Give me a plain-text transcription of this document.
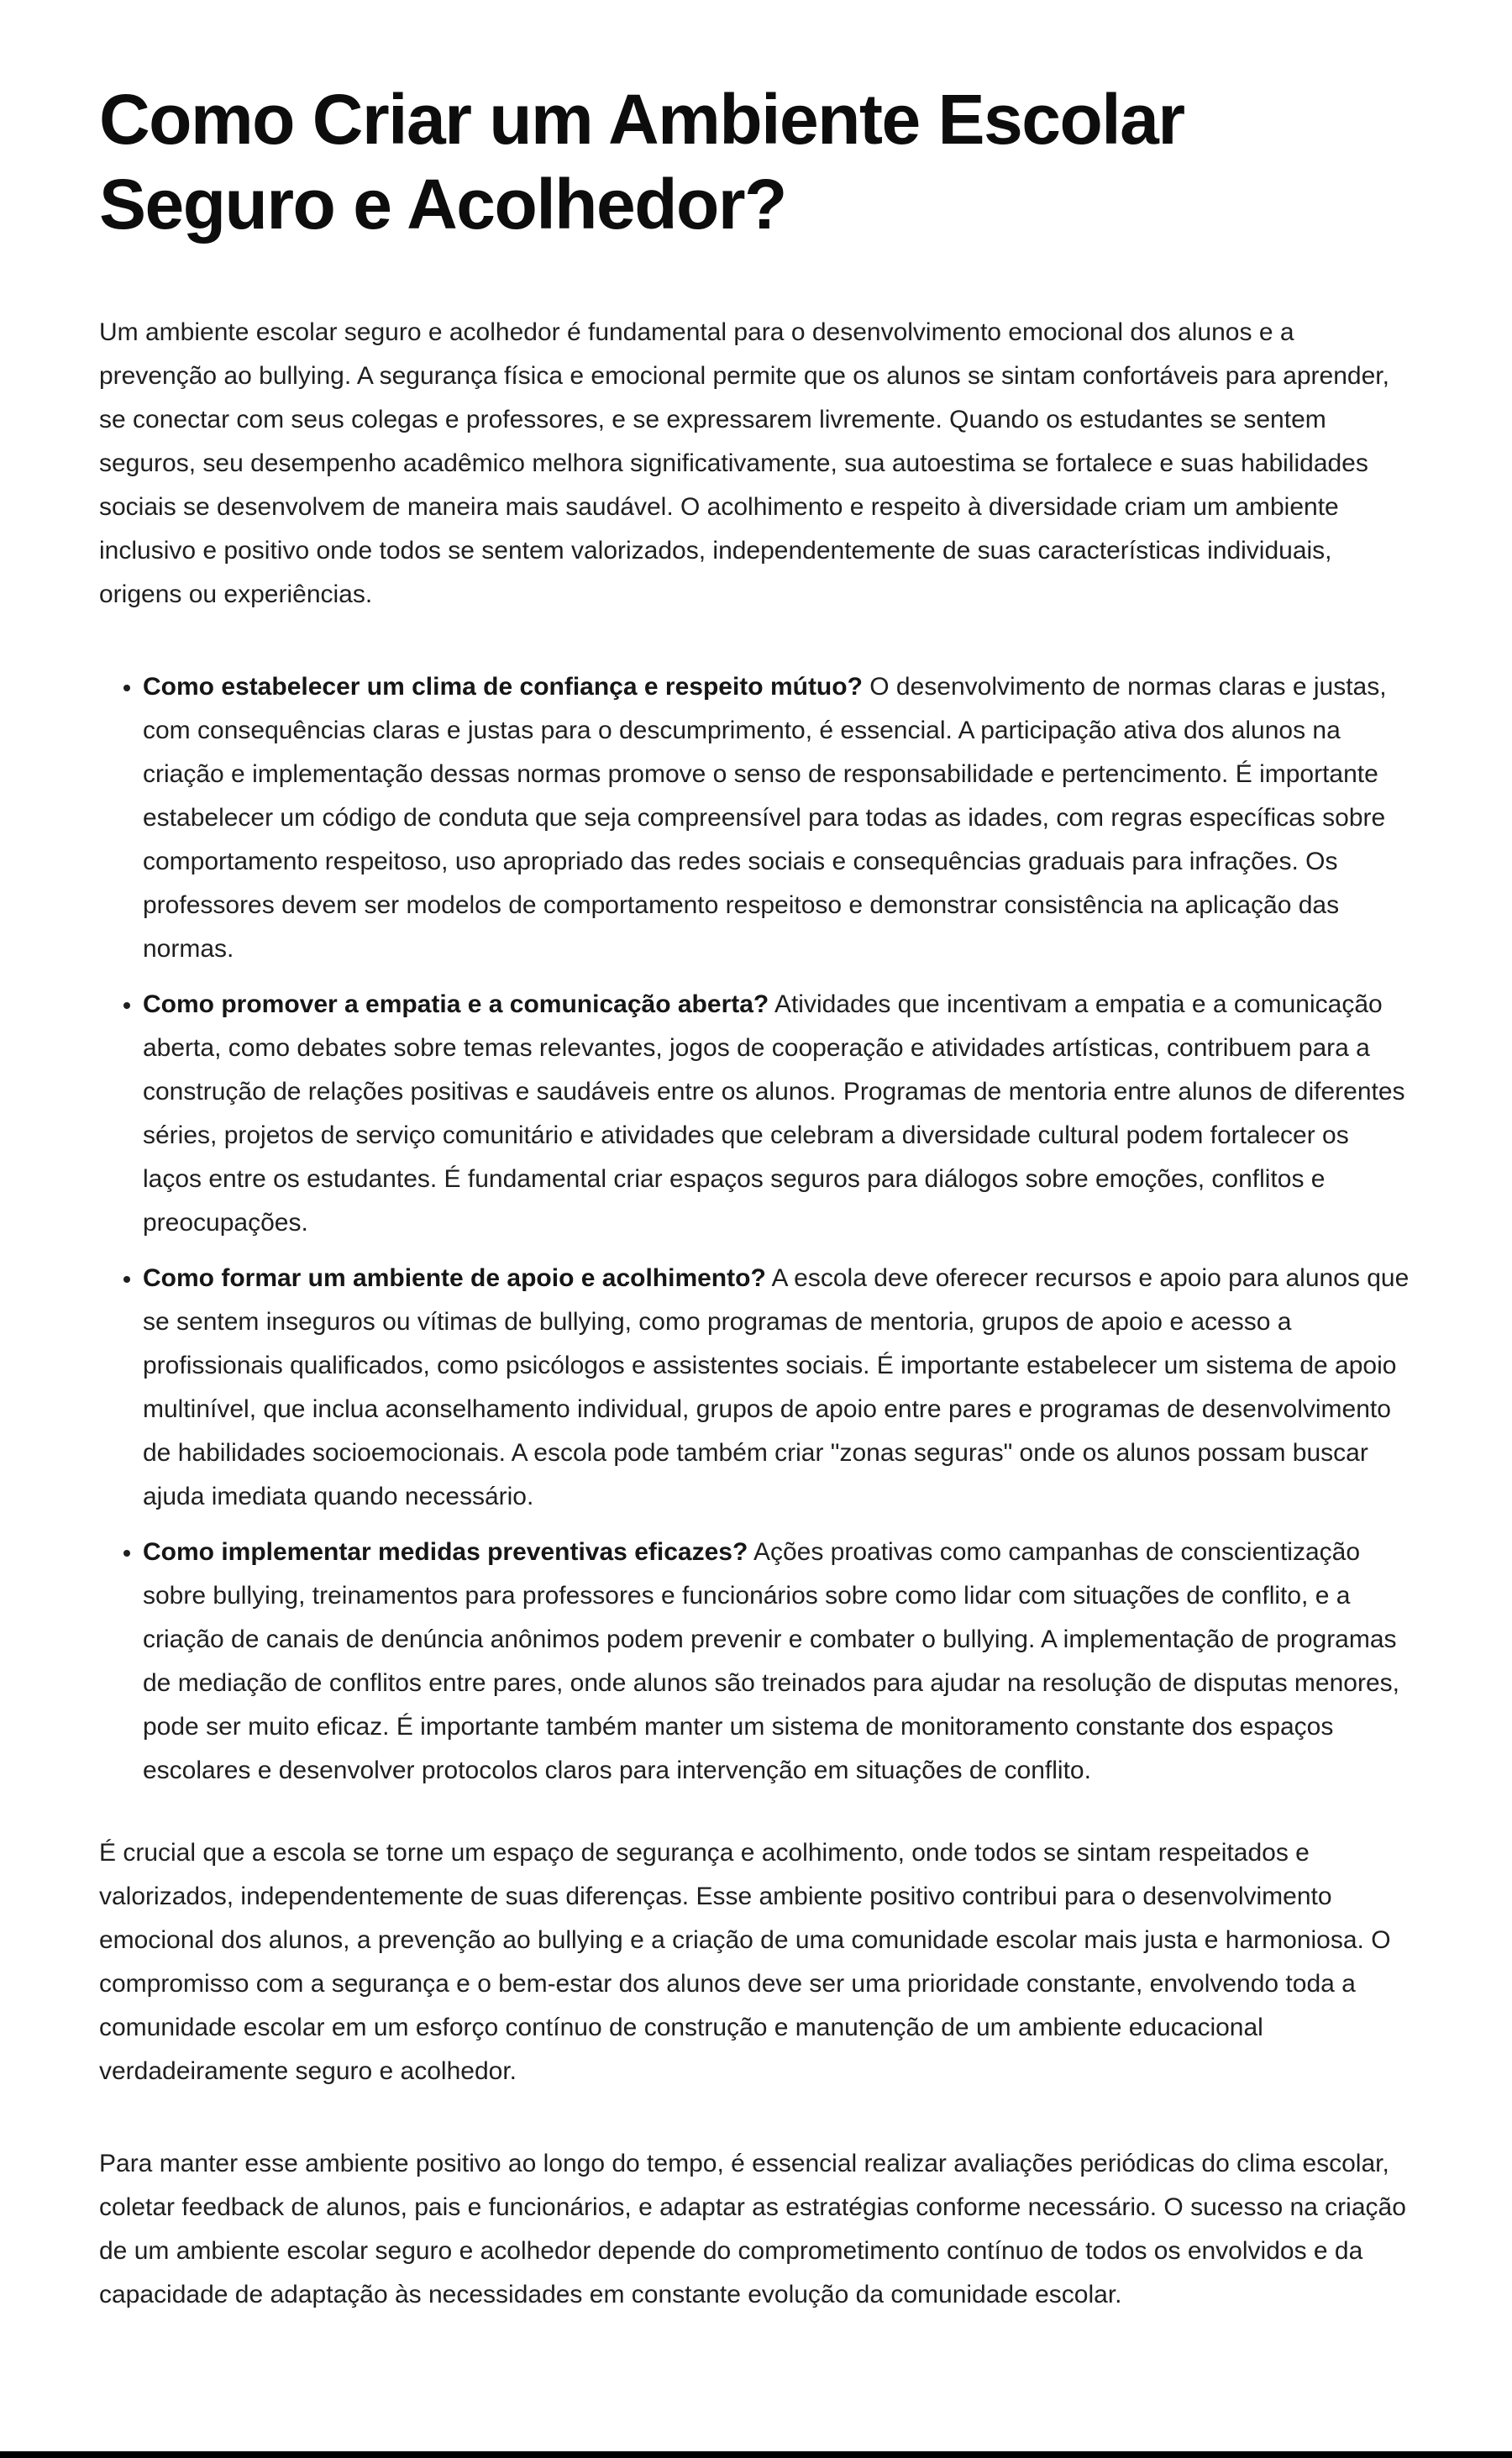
Como Criar um Ambiente Escolar Seguro e Acolhedor?

Um ambiente escolar seguro e acolhedor é fundamental para o desenvolvimento emocional dos alunos e a prevenção ao bullying. A segurança física e emocional permite que os alunos se sintam confortáveis para aprender, se conectar com seus colegas e professores, e se expressarem livremente. Quando os estudantes se sentem seguros, seu desempenho acadêmico melhora significativamente, sua autoestima se fortalece e suas habilidades sociais se desenvolvem de maneira mais saudável. O acolhimento e respeito à diversidade criam um ambiente inclusivo e positivo onde todos se sentem valorizados, independentemente de suas características individuais, origens ou experiências.

• Como estabelecer um clima de confiança e respeito mútuo? O desenvolvimento de normas claras e justas, com consequências claras e justas para o descumprimento, é essencial. A participação ativa dos alunos na criação e implementação dessas normas promove o senso de responsabilidade e pertencimento. É importante estabelecer um código de conduta que seja compreensível para todas as idades, com regras específicas sobre comportamento respeitoso, uso apropriado das redes sociais e consequências graduais para infrações. Os professores devem ser modelos de comportamento respeitoso e demonstrar consistência na aplicação das normas.
• Como promover a empatia e a comunicação aberta? Atividades que incentivam a empatia e a comunicação aberta, como debates sobre temas relevantes, jogos de cooperação e atividades artísticas, contribuem para a construção de relações positivas e saudáveis entre os alunos. Programas de mentoria entre alunos de diferentes séries, projetos de serviço comunitário e atividades que celebram a diversidade cultural podem fortalecer os laços entre os estudantes. É fundamental criar espaços seguros para diálogos sobre emoções, conflitos e preocupações.
• Como formar um ambiente de apoio e acolhimento? A escola deve oferecer recursos e apoio para alunos que se sentem inseguros ou vítimas de bullying, como programas de mentoria, grupos de apoio e acesso a profissionais qualificados, como psicólogos e assistentes sociais. É importante estabelecer um sistema de apoio multinível, que inclua aconselhamento individual, grupos de apoio entre pares e programas de desenvolvimento de habilidades socioemocionais. A escola pode também criar "zonas seguras" onde os alunos possam buscar ajuda imediata quando necessário.
• Como implementar medidas preventivas eficazes? Ações proativas como campanhas de conscientização sobre bullying, treinamentos para professores e funcionários sobre como lidar com situações de conflito, e a criação de canais de denúncia anônimos podem prevenir e combater o bullying. A implementação de programas de mediação de conflitos entre pares, onde alunos são treinados para ajudar na resolução de disputas menores, pode ser muito eficaz. É importante também manter um sistema de monitoramento constante dos espaços escolares e desenvolver protocolos claros para intervenção em situações de conflito.

É crucial que a escola se torne um espaço de segurança e acolhimento, onde todos se sintam respeitados e valorizados, independentemente de suas diferenças. Esse ambiente positivo contribui para o desenvolvimento emocional dos alunos, a prevenção ao bullying e a criação de uma comunidade escolar mais justa e harmoniosa. O compromisso com a segurança e o bem-estar dos alunos deve ser uma prioridade constante, envolvendo toda a comunidade escolar em um esforço contínuo de construção e manutenção de um ambiente educacional verdadeiramente seguro e acolhedor.

Para manter esse ambiente positivo ao longo do tempo, é essencial realizar avaliações periódicas do clima escolar, coletar feedback de alunos, pais e funcionários, e adaptar as estratégias conforme necessário. O sucesso na criação de um ambiente escolar seguro e acolhedor depende do comprometimento contínuo de todos os envolvidos e da capacidade de adaptação às necessidades em constante evolução da comunidade escolar.
